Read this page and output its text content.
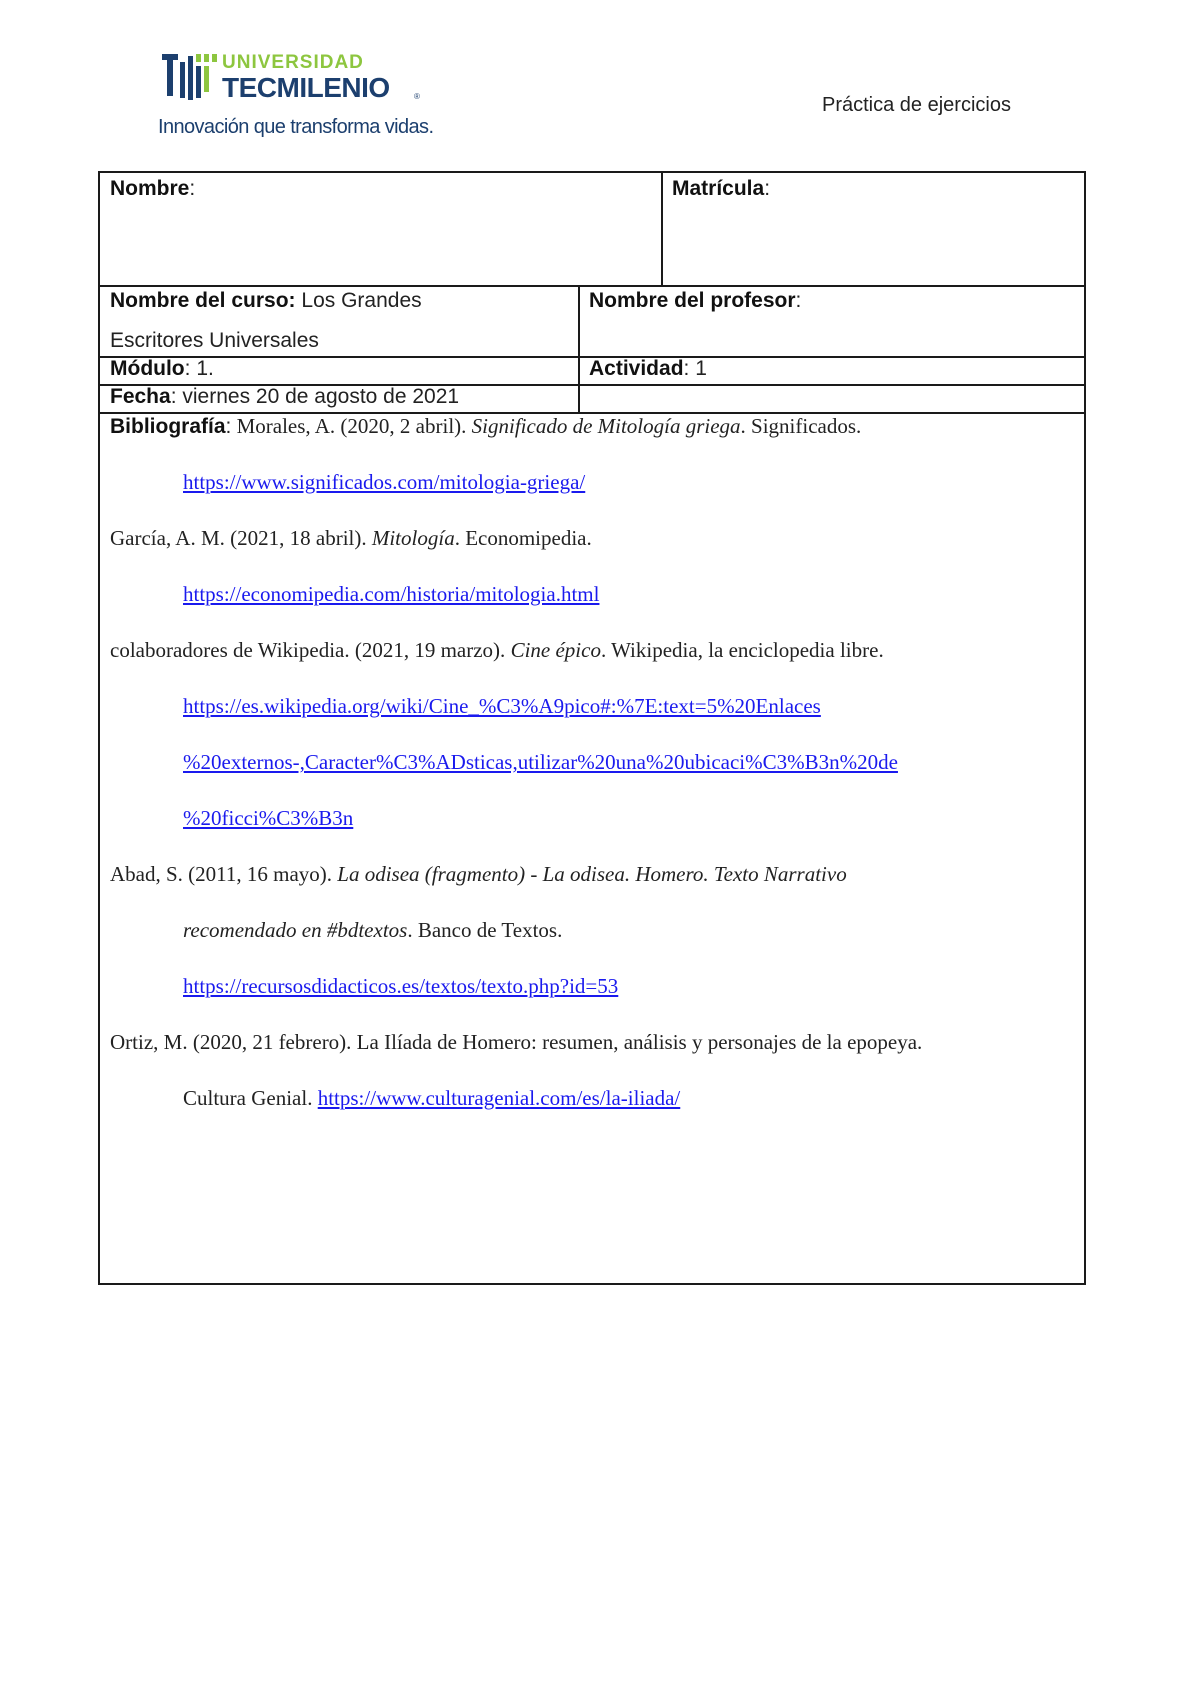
UNIVERSIDAD
TECMILENIO	®
Innovación que transforma vidas.
Práctica de ejercicios
Nombre:	Matrícula:
Nombre del curso: Los Grandes
Escritores Universales
Nombre del profesor:
Módulo: 1.	Actividad: 1
Fecha: viernes 20 de agosto de 2021
Bibliografía: Morales, A. (2020, 2 abril). Significado de Mitología griega. Significados.
https://www.significados.com/mitologia-griega/
García, A. M. (2021, 18 abril). Mitología. Economipedia.
https://economipedia.com/historia/mitologia.html
colaboradores de Wikipedia. (2021, 19 marzo). Cine épico. Wikipedia, la enciclopedia libre.
https://es.wikipedia.org/wiki/Cine_%C3%A9pico#:%7E:text=5%20Enlaces
%20externos-,Caracter%C3%ADsticas,utilizar%20una%20ubicaci%C3%B3n%20de
%20ficci%C3%B3n
Abad, S. (2011, 16 mayo). La odisea (fragmento) - La odisea. Homero. Texto Narrativo
recomendado en #bdtextos. Banco de Textos.
https://recursosdidacticos.es/textos/texto.php?id=53
Ortiz, M. (2020, 21 febrero). La Ilíada de Homero: resumen, análisis y personajes de la epopeya.
Cultura Genial. https://www.culturagenial.com/es/la-iliada/
